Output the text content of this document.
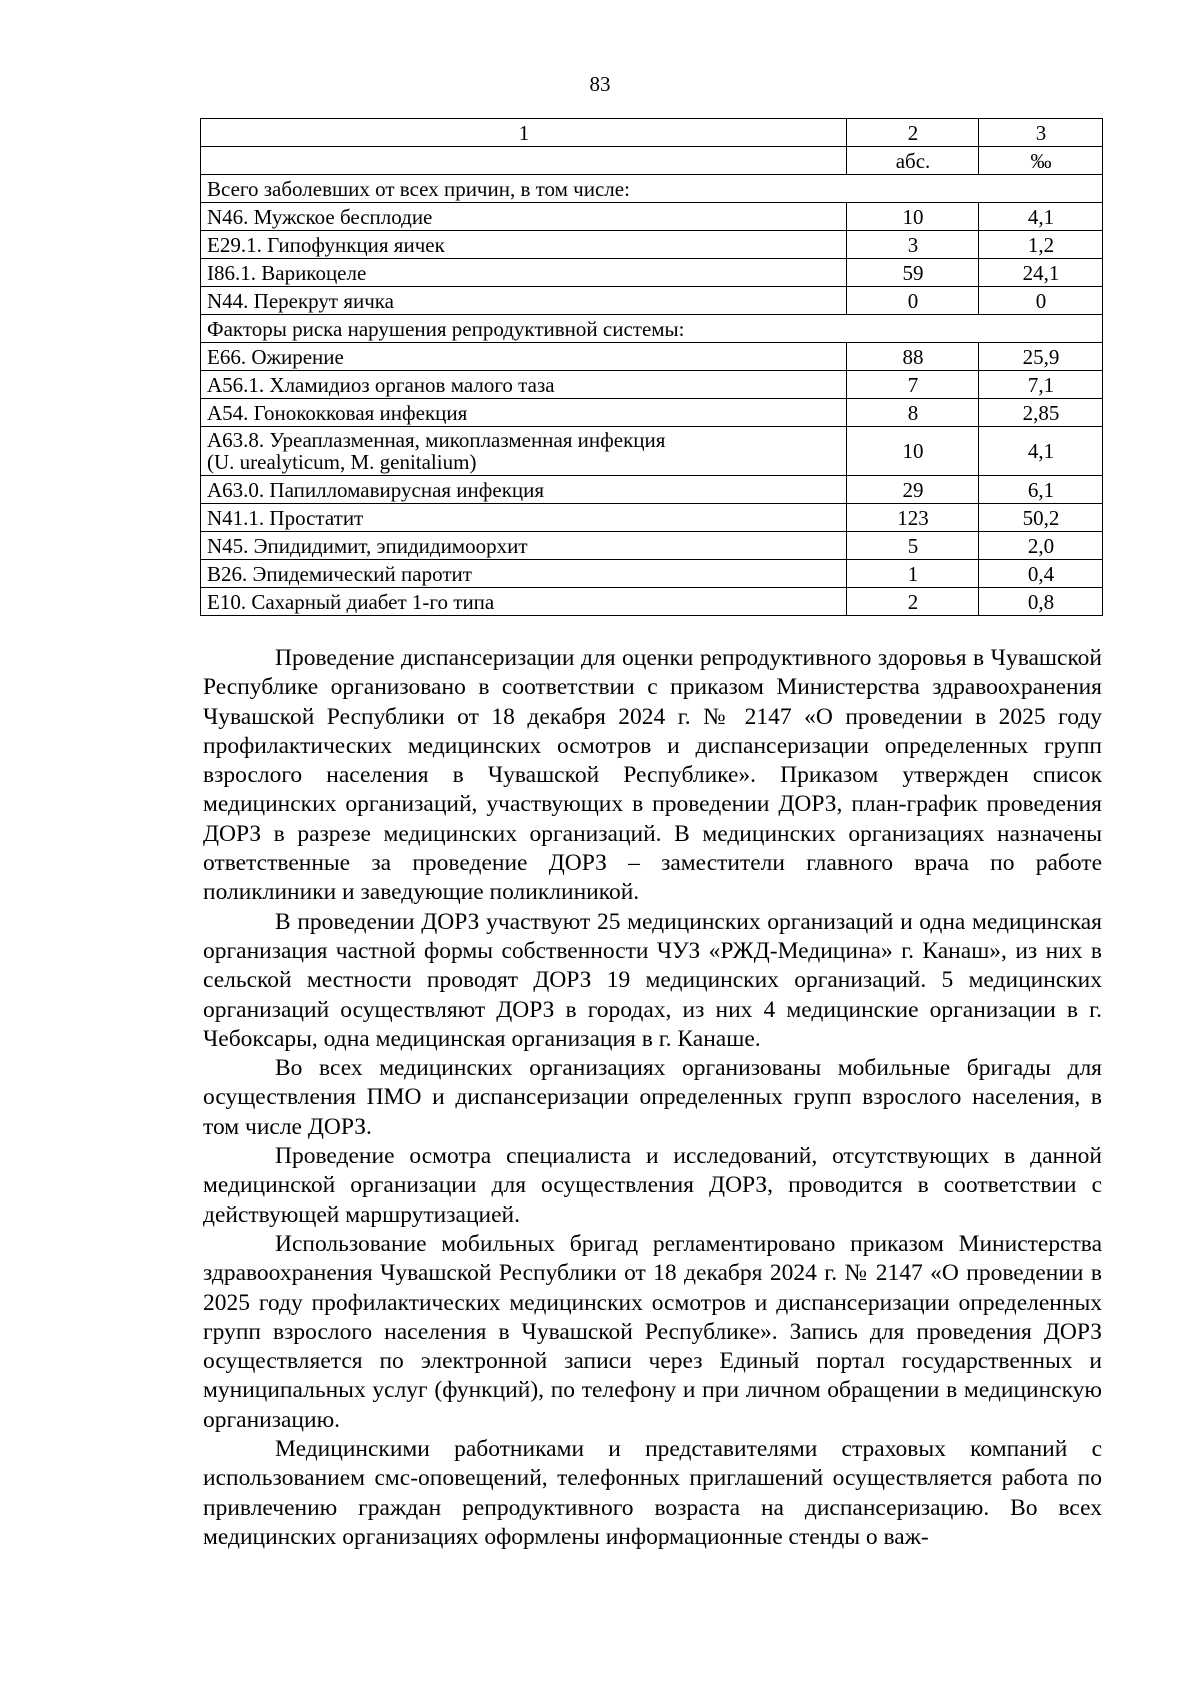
83
1	2	3
	абс.	‰
Всего заболевших от всех причин, в том числе:		
N46. Мужское бесплодие	10	4,1
E29.1. Гипофункция яичек	3	1,2
I86.1. Варикоцеле	59	24,1
N44. Перекрут яичка	0	0
Факторы риска нарушения репродуктивной системы:		
E66. Ожирение	88	25,9
A56.1. Хламидиоз органов малого таза	7	7,1
A54. Гонококковая инфекция	8	2,85

A63.8. Уреаплазменная, микоплазменная инфекция
(U. urealyticum, M. genitalium)	10	4,1
A63.0. Папилломавирусная инфекция	29	6,1
N41.1. Простатит	123	50,2
N45. Эпидидимит, эпидидимоорхит	5	2,0
B26. Эпидемический паротит	1	0,4
E10. Сахарный диабет 1-го типа	2	0,8

Проведение диспансеризации для оценки репродуктивного здоровья в Чувашской Республике организовано в соответствии с приказом Министерства здравоохранения Чувашской Республики от 18 декабря 2024 г. № 2147 «О проведении в 2025 году профилактических медицинских осмотров и диспансеризации определенных групп взрослого населения в Чувашской Республике». Приказом утвержден список медицинских организаций, участвующих в проведении ДОРЗ, план-график проведения ДОРЗ в разрезе медицинских организаций. В медицинских организациях назначены ответственные за проведение ДОРЗ – заместители главного врача по работе поликлиники и заведующие поликлиникой.

В проведении ДОРЗ участвуют 25 медицинских организаций и одна медицинская организация частной формы собственности ЧУЗ «РЖД-Медицина» г. Канаш», из них в сельской местности проводят ДОРЗ 19 медицинских организаций. 5 медицинских организаций осуществляют ДОРЗ в городах, из них 4 медицинские организации в г. Чебоксары, одна медицинская организация в г. Канаше.

Во всех медицинских организациях организованы мобильные бригады для осуществления ПМО и диспансеризации определенных групп взрослого населения, в том числе ДОРЗ.

Проведение осмотра специалиста и исследований, отсутствующих в данной медицинской организации для осуществления ДОРЗ, проводится в соответствии с действующей маршрутизацией.

Использование мобильных бригад регламентировано приказом Министерства здравоохранения Чувашской Республики от 18 декабря 2024 г. № 2147 «О проведении в 2025 году профилактических медицинских осмотров и диспансеризации определенных групп взрослого населения в Чувашской Республике». Запись для проведения ДОРЗ осуществляется по электронной записи через Единый портал государственных и муниципальных услуг (функций), по телефону и при личном обращении в медицинскую организацию.

Медицинскими работниками и представителями страховых компаний с использованием смс-оповещений, телефонных приглашений осуществляется работа по привлечению граждан репродуктивного возраста на диспансеризацию. Во всех медицинских организациях оформлены информационные стенды о важ-
